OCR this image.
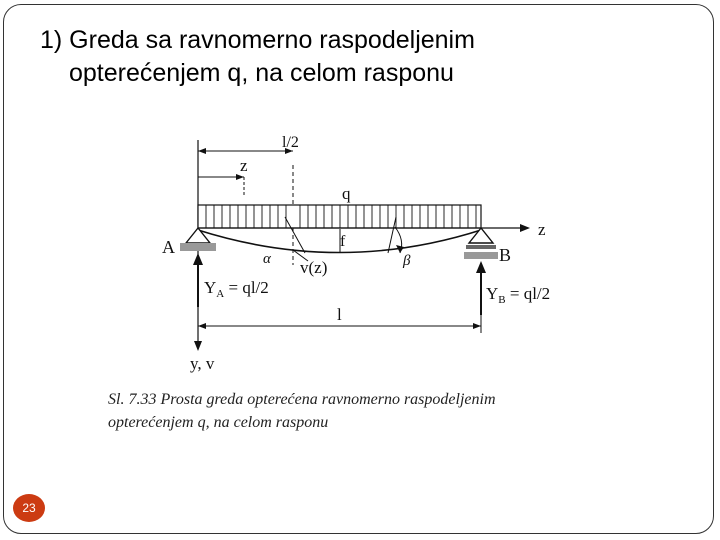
1) Greda sa ravnomerno raspodeljenim
opterećenjem q, na celom rasponu
l/2
z
y, v
q
z
f
α	β
v(z)
A	B
$Y_A = ql/2$	$Y_B = ql/2$
l
Sl. 7.33 Prosta greda opterećena ravnomerno raspodeljenim
opterećenjem q, na celom rasponu
23
